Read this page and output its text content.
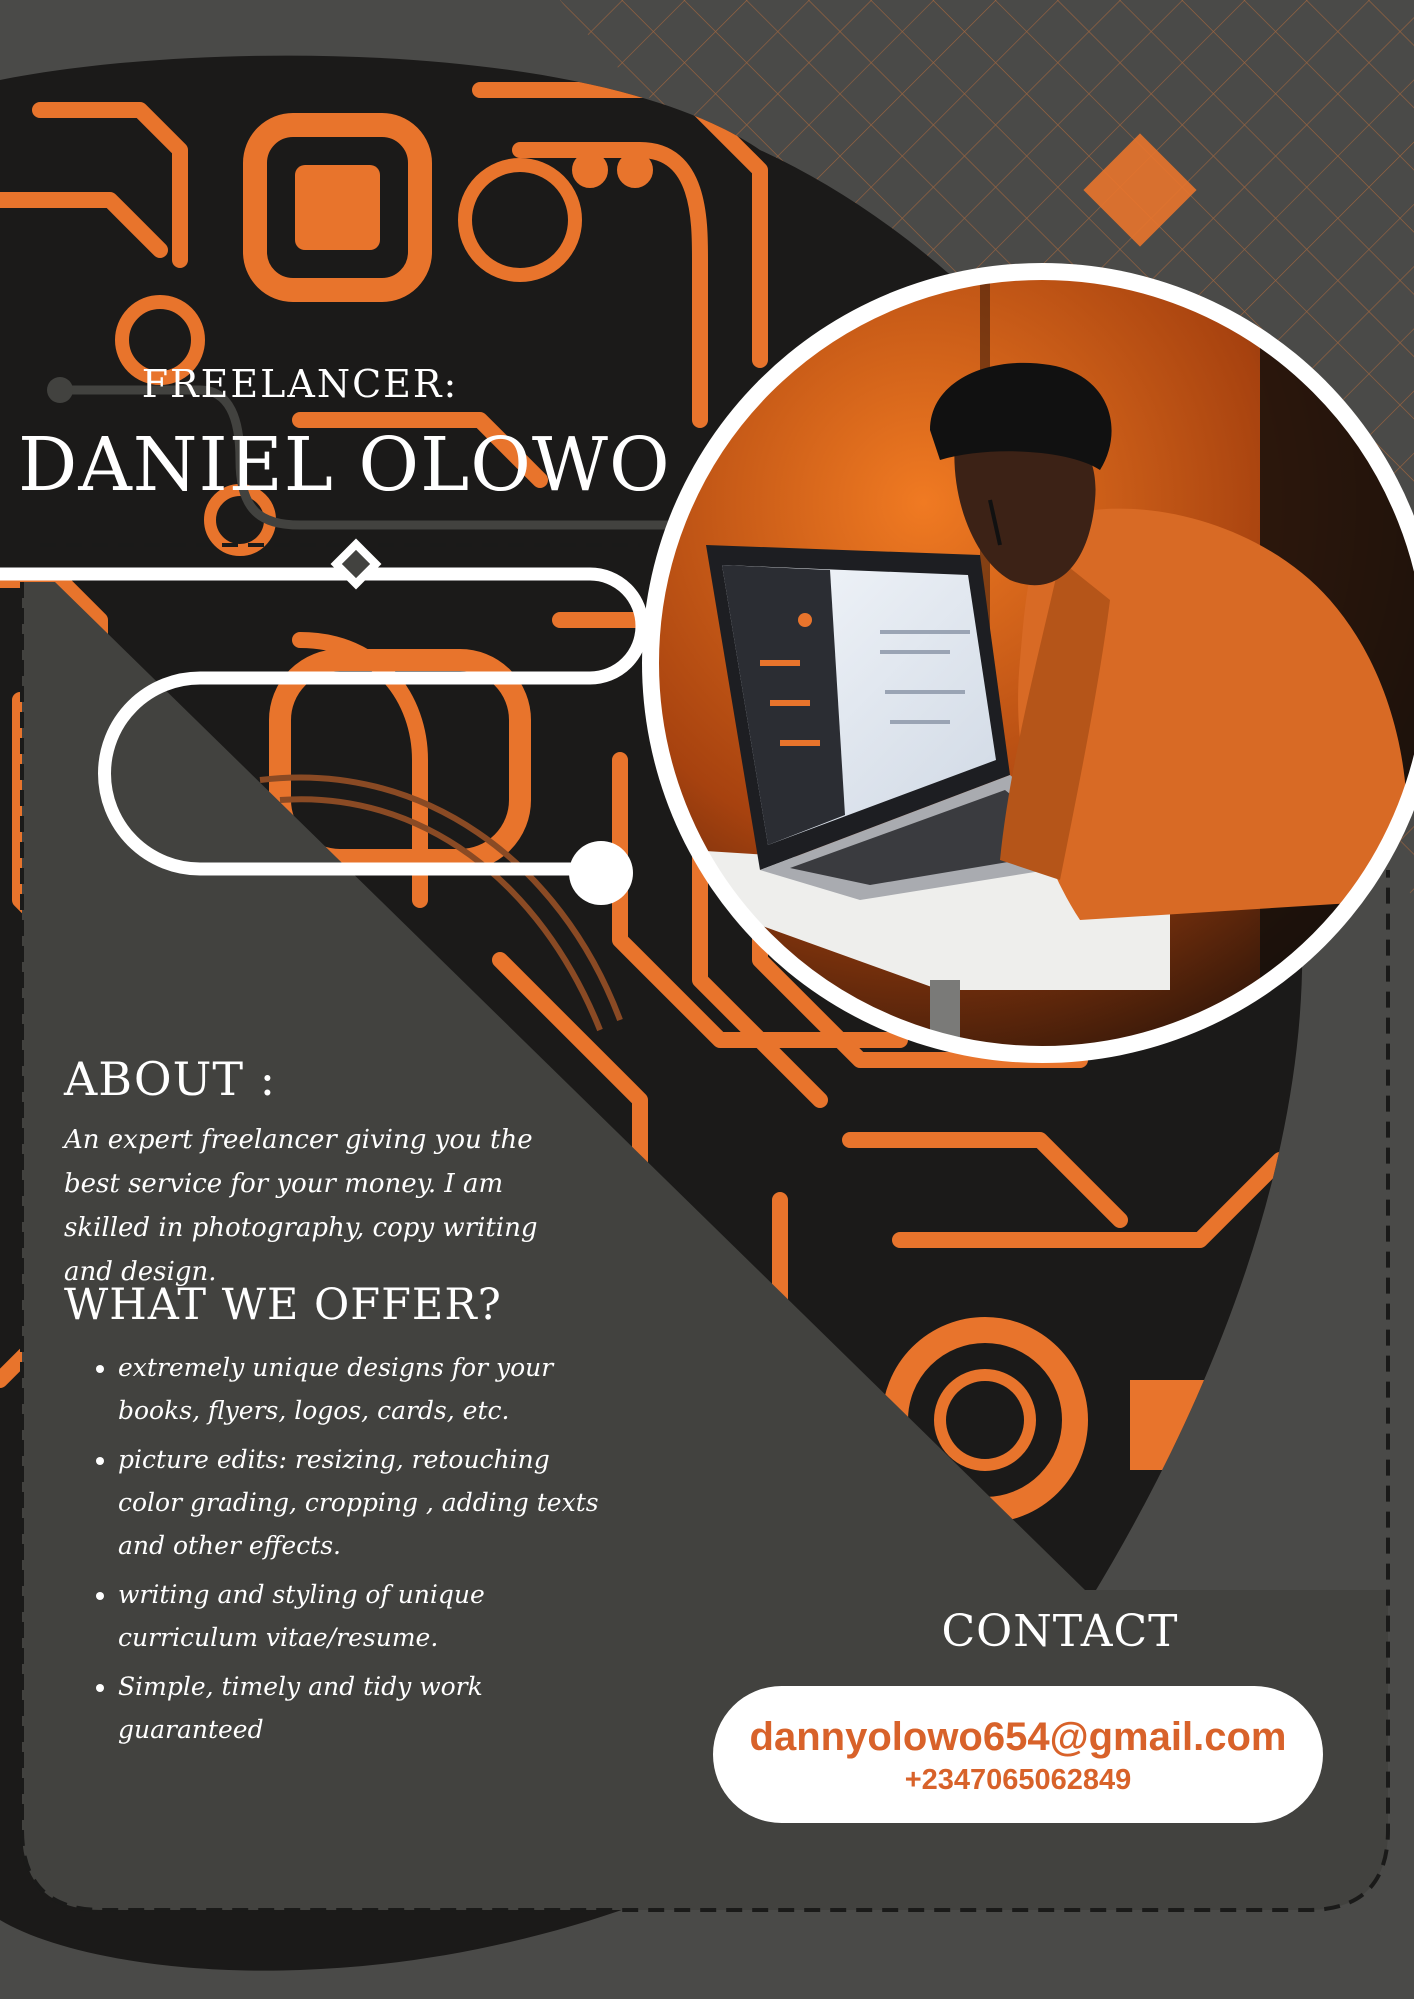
FREELANCER:
DANIEL OLOWO
ABOUT :
An expert freelancer giving you the best service for your money. I am skilled in photography, copy writing and design.
WHAT WE OFFER?
• extremely unique designs for your books, flyers, logos, cards, etc.
• picture edits: resizing, retouching color grading, cropping , adding texts and other effects.
• writing and styling of unique curriculum vitae/resume.
• Simple, timely and tidy work guaranteed
CONTACT
dannyolowo654@gmail.com
+2347065062849
